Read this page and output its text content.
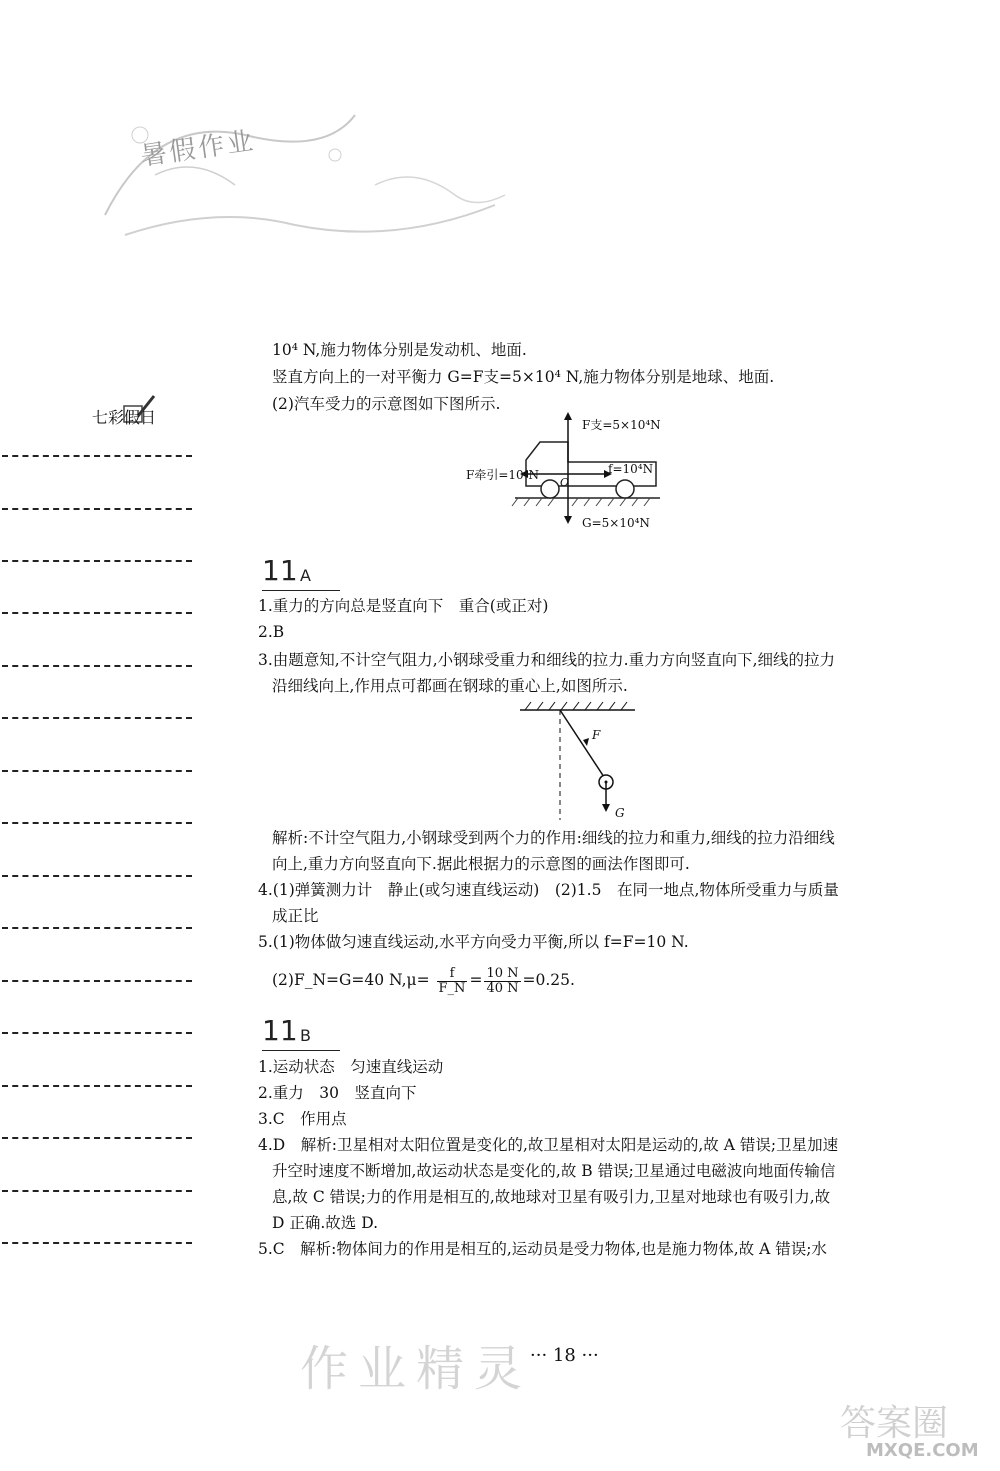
暑假作业
七彩假日
10⁴ N,施力物体分别是发动机、地面.
竖直方向上的一对平衡力 G=F支=5×10⁴ N,施力物体分别是地球、地面.
(2)汽车受力的示意图如下图所示.
F支=5×10⁴N
F牵引=10⁴N	f=10⁴N
O
G=5×10⁴N
11 A
1.重力的方向总是竖直向下　重合(或正对)
2.B
3.由题意知,不计空气阻力,小钢球受重力和细线的拉力.重力方向竖直向下,细线的拉力
沿细线向上,作用点可都画在钢球的重心上,如图所示.
F
G
解析:不计空气阻力,小钢球受到两个力的作用:细线的拉力和重力,细线的拉力沿细线
向上,重力方向竖直向下.据此根据力的示意图的画法作图即可.
4.(1)弹簧测力计　静止(或匀速直线运动)　(2)1.5　在同一地点,物体所受重力与质量
成正比
5.(1)物体做匀速直线运动,水平方向受力平衡,所以 f=F=10 N.
(2)F_N=G=40 $N,\mu= \frac{f}{F\_N} = \frac{10 N}{40 N} =0.25$.
11 B
1.运动状态　匀速直线运动
2.重力　30　竖直向下
3.C　作用点
4.D　解析:卫星相对太阳位置是变化的,故卫星相对太阳是运动的,故 A 错误;卫星加速
升空时速度不断增加,故运动状态是变化的,故 B 错误;卫星通过电磁波向地面传输信
息,故 C 错误;力的作用是相互的,故地球对卫星有吸引力,卫星对地球也有吸引力,故
D 正确.故选 D.
5.C　解析:物体间力的作用是相互的,运动员是受力物体,也是施力物体,故 A 错误;水
作业精灵
··· 18 ···
答案圈
MXQE.COM
